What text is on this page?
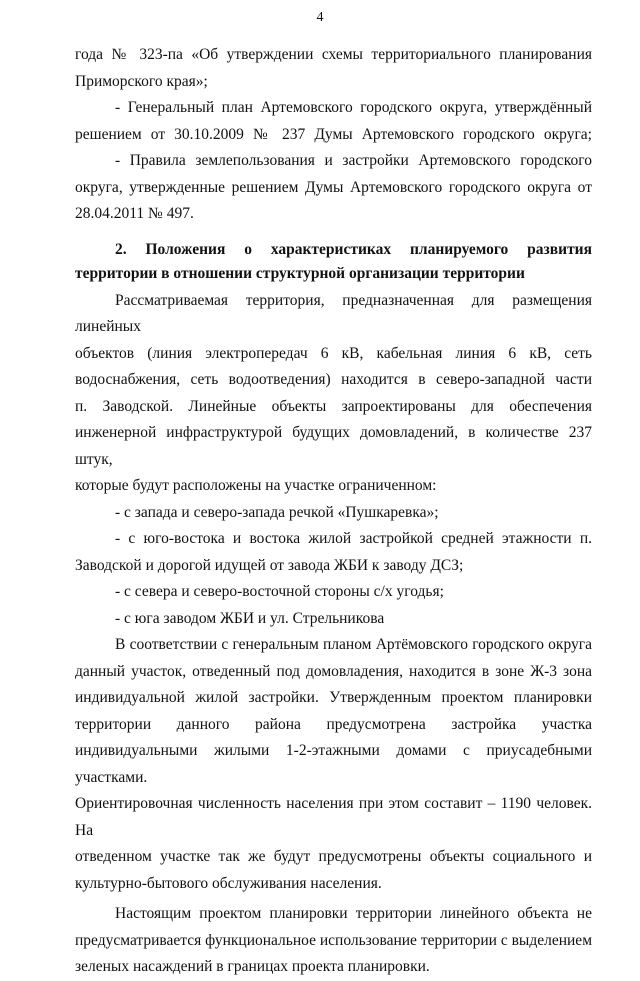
4

года № 323-па «Об утверждении схемы территориального планирования

Приморского края»;

- Генеральный план Артемовского городского округа, утверждённый

решением от 30.10.2009 № 237 Думы Артемовского городского округа;

- Правила землепользования и застройки Артемовского городского

округа, утвержденные решением Думы Артемовского городского округа от

28.04.2011 № 497.

2. Положения о характеристиках планируемого развития

территории в отношении структурной организации территории

Рассматриваемая территория, предназначенная для размещения линейных

объектов (линия электропередач 6 кВ, кабельная линия 6 кВ, сеть

водоснабжения, сеть водоотведения) находится в северо-западной части

п. Заводской. Линейные объекты запроектированы для обеспечения

инженерной инфраструктурой будущих домовладений, в количестве 237 штук,

которые будут расположены на участке ограниченном:

- с запада и северо-запада речкой «Пушкаревка»;

- с юго-востока и востока жилой застройкой средней этажности п.

Заводской и дорогой идущей от завода ЖБИ к заводу ДСЗ;

- с севера и северо-восточной стороны с/х угодья;

- с юга заводом ЖБИ и ул. Стрельникова

В соответствии с генеральным планом Артёмовского городского округа

данный участок, отведенный под домовладения, находится в зоне Ж-3 зона

индивидуальной жилой застройки. Утвержденным проектом планировки

территории данного района предусмотрена застройка участка

индивидуальными жилыми 1-2-этажными домами с приусадебными участками.

Ориентировочная численность населения при этом составит – 1190 человек. На

отведенном участке так же будут предусмотрены объекты социального и

культурно-бытового обслуживания населения.

Настоящим проектом планировки территории линейного объекта не

предусматривается функциональное использование территории с выделением

зеленых насаждений в границах проекта планировки.
